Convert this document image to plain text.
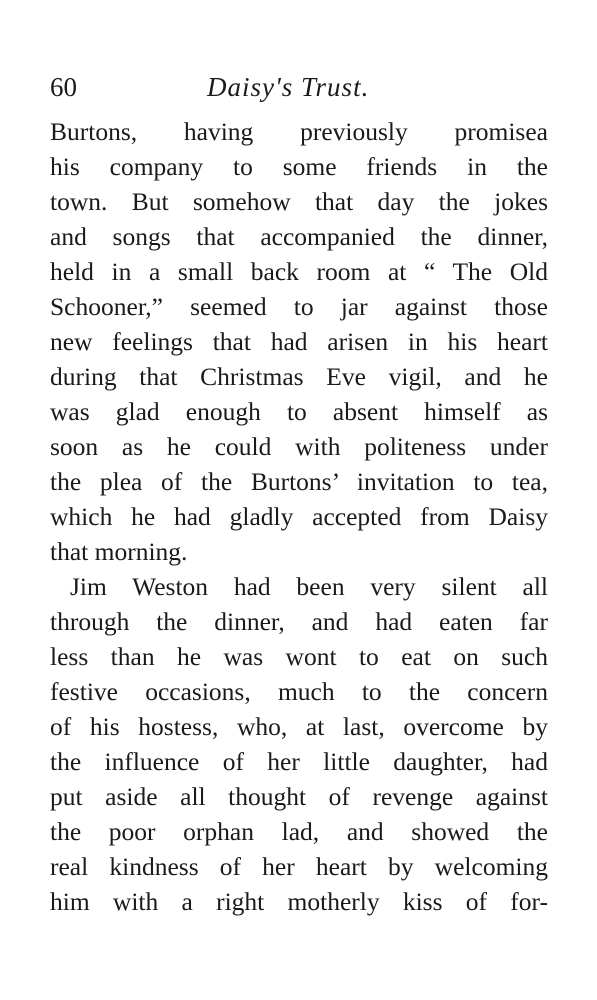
60	Daisy's Trust.
Burtons, having previously promisea
his company to some friends in the
town. But somehow that day the jokes
and songs that accompanied the dinner,
held in a small back room at “ The Old
Schooner,” seemed to jar against those
new feelings that had arisen in his heart
during that Christmas Eve vigil, and he
was glad enough to absent himself as
soon as he could with politeness under
the plea of the Burtons’ invitation to tea,
which he had gladly accepted from Daisy
that morning.
Jim Weston had been very silent all
through the dinner, and had eaten far
less than he was wont to eat on such
festive occasions, much to the concern
of his hostess, who, at last, overcome by
the influence of her little daughter, had
put aside all thought of revenge against
the poor orphan lad, and showed the
real kindness of her heart by welcoming
him with a right motherly kiss of for-
